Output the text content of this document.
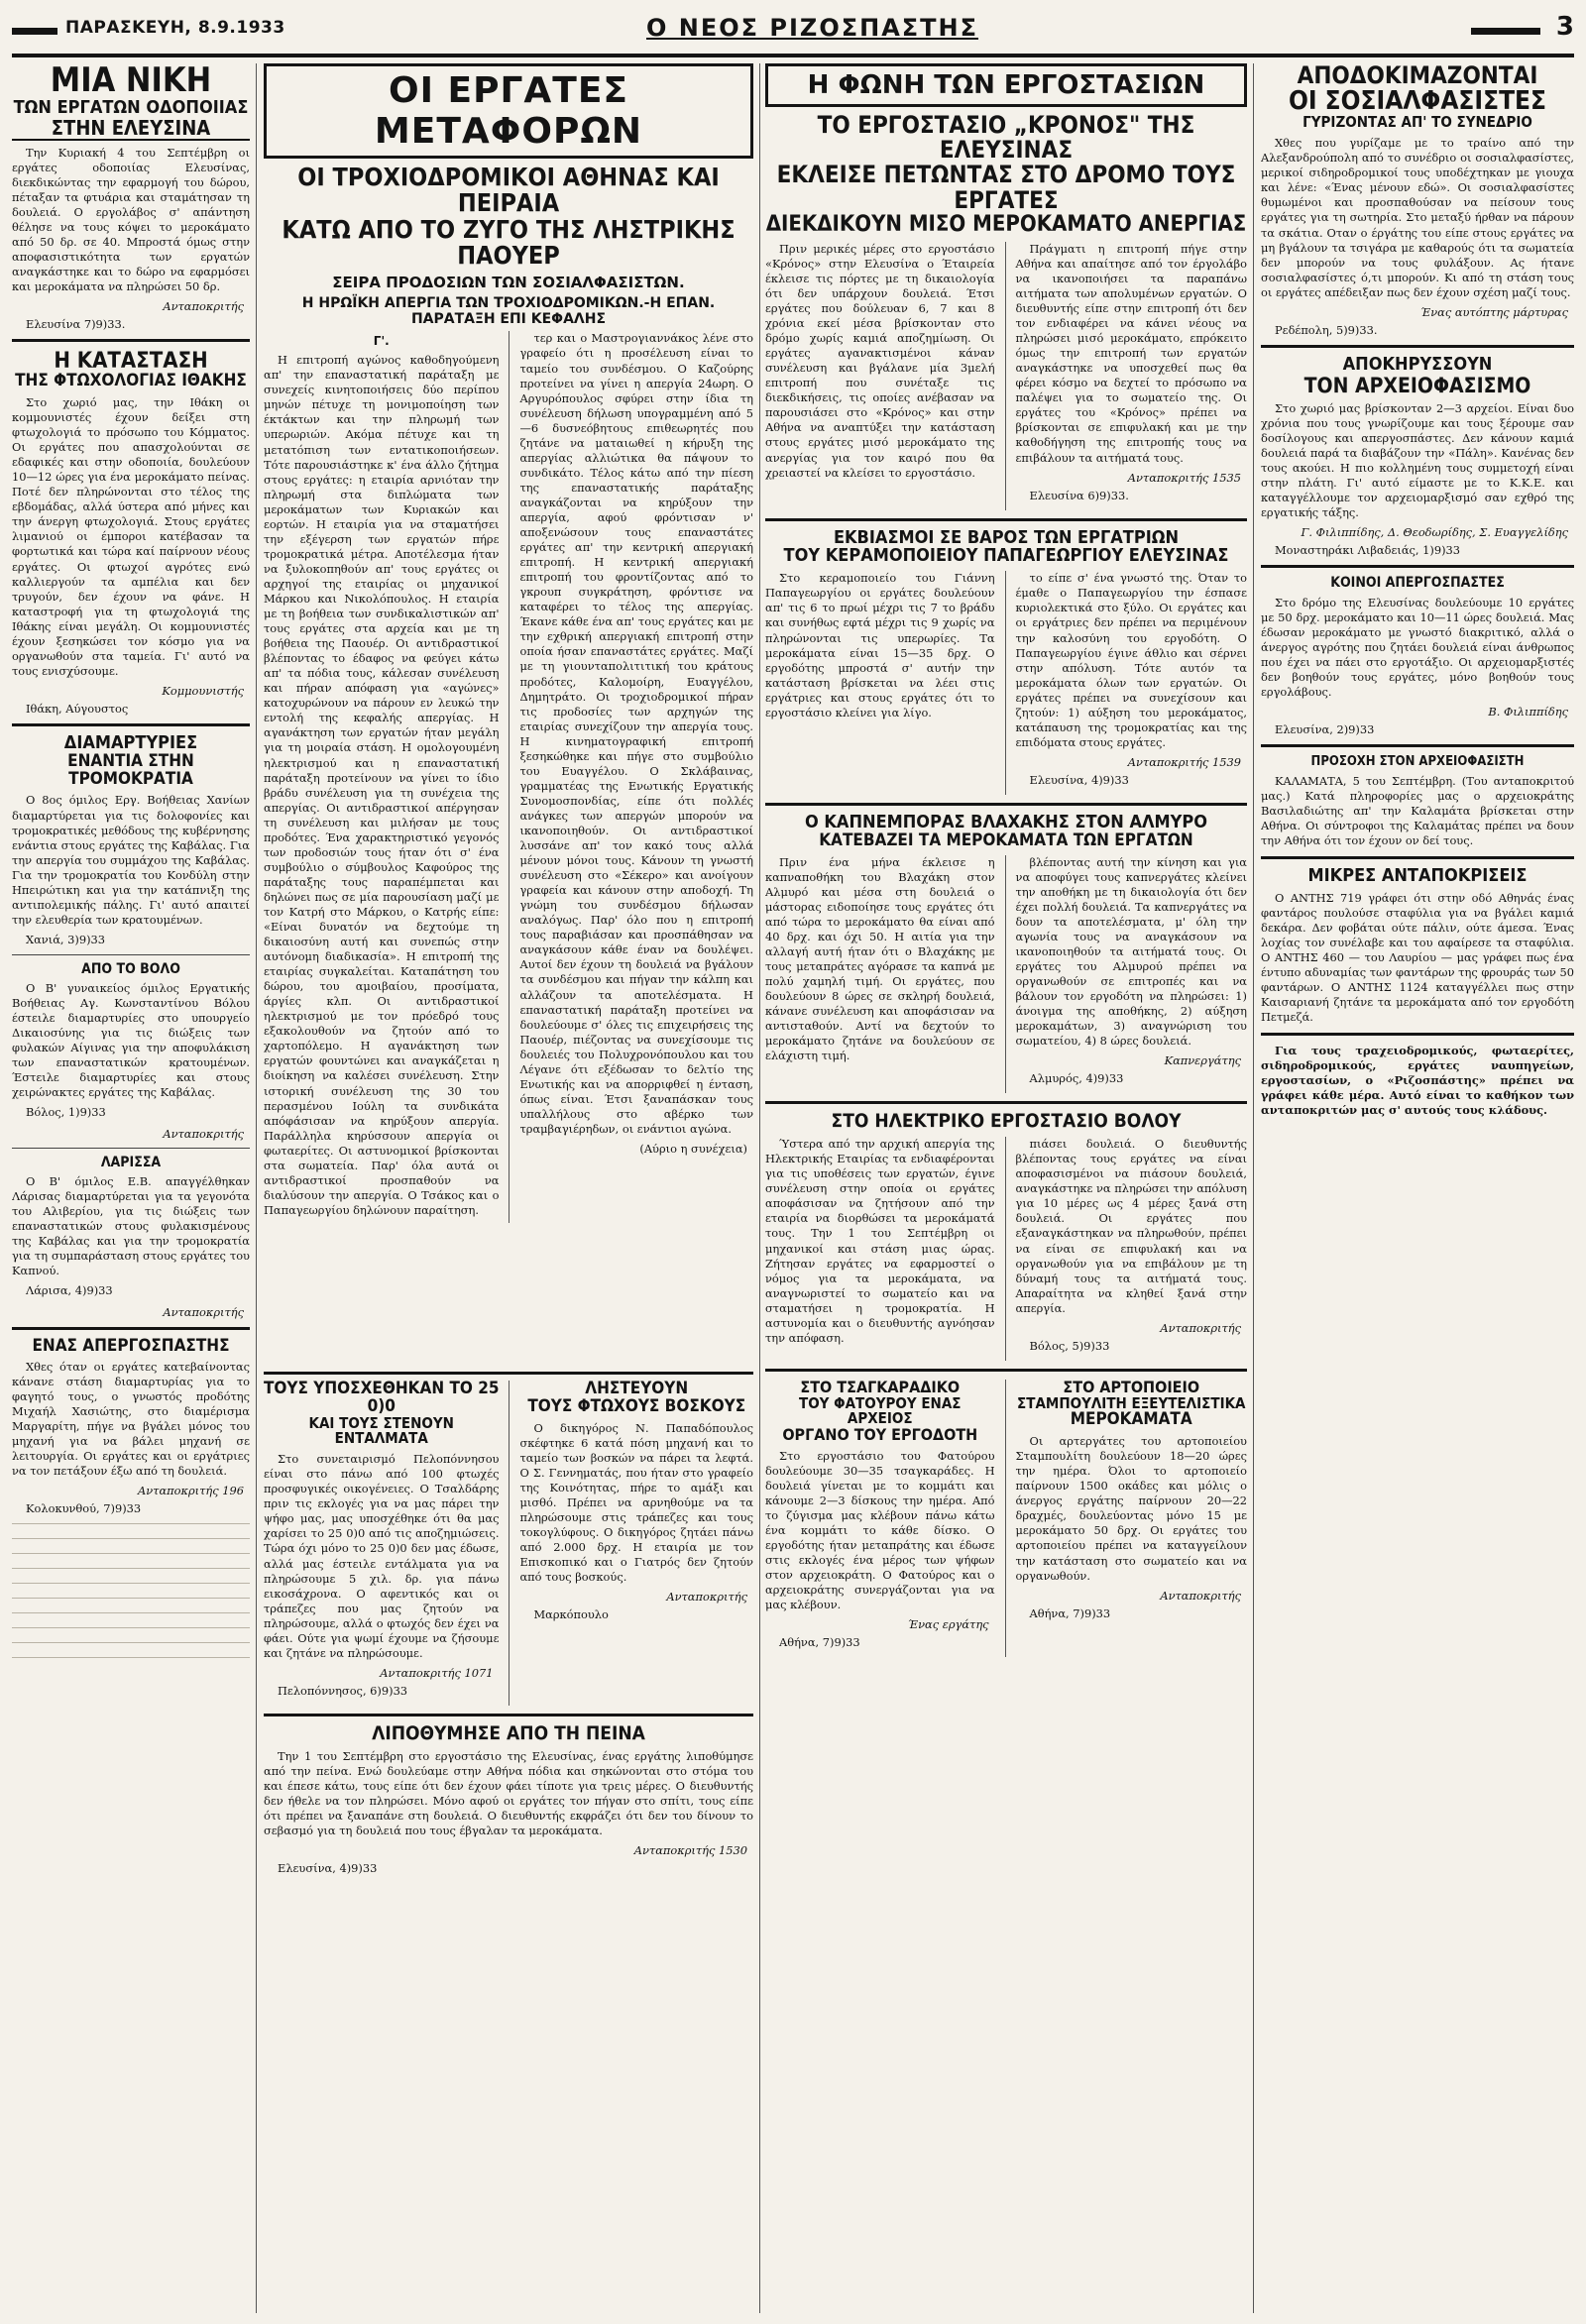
ΠΑΡΑΣΚΕΥΗ, 8.9.1933	Ο ΝΕΟΣ ΡΙΖΟΣΠΑΣΤΗΣ	3
ΜΙΑ ΝΙΚΗ
ΤΩΝ ΕΡΓΑΤΩΝ ΟΔΟΠΟΙΙΑΣ
ΣΤΗΝ ΕΛΕΥΣΙΝΑ

Την Κυριακή 4 του Σεπτέμβρη οι εργάτες οδοποιίας Ελευσίνας, διεκδικώντας την εφαρμογή του δώρου, πέταξαν τα φτυάρια και σταμάτησαν τη δουλειά. Ο εργολάβος σ' απάντηση θέλησε να τους κόψει το μεροκάματο από 50 δρ. σε 40. Μπροστά όμως στην αποφασιστικότητα των εργατών αναγκάστηκε και το δώρο να εφαρμόσει και μεροκάματα να πληρώσει 50 δρ.

Ανταποκριτής
Ελευσίνα 7)9)33.
Η ΚΑΤΑΣΤΑΣΗ
ΤΗΣ ΦΤΩΧΟΛΟΓΙΑΣ ΙΘΑΚΗΣ

Στο χωριό μας, την Ιθάκη οι κομμουνιστές έχουν δείξει στη φτωχολογιά το πρόσωπο του Κόμματος. Οι εργάτες που απασχολούνται σε εδαφικές και στην οδοποιία, δουλεύουν 10—12 ώρες για ένα μεροκάματο πείνας. Ποτέ δεν πληρώνονται στο τέλος της εβδομάδας, αλλά ύστερα από μήνες και την άνεργη φτωχολογιά. Στους εργάτες λιμανιού οι έμποροι κατέβασαν τα φορτωτικά και τώρα καί παίρνουν νέους εργάτες. Οι φτωχοί αγρότες ενώ καλλιεργούν τα αμπέλια και δεν τρυγούν, δεν έχουν να φάνε. Η καταστροφή για τη φτωχολογιά της Ιθάκης είναι μεγάλη. Οι κομμουνιστές έχουν ξεσηκώσει τον κόσμο για να οργανωθούν στα ταμεία. Γι' αυτό να τους ενισχύσουμε.

Κομμουνιστής
Ιθάκη, Αύγουστος
ΔΙΑΜΑΡΤΥΡΙΕΣ
ΕΝΑΝΤΙΑ ΣΤΗΝ ΤΡΟΜΟΚΡΑΤΙΑ

Ο 8ος όμιλος Εργ. Βοήθειας Χανίων διαμαρτύρεται για τις δολοφονίες και τρομοκρατικές μεθόδους της κυβέρνησης ενάντια στους εργάτες της Καβάλας. Για την απεργία του συμμάχου της Καβάλας. Για την τρομοκρατία του Κονδύλη στην Ηπειρώτικη και για την κατάπνιξη της αντιπολεμικής πάλης. Γι' αυτό απαιτεί την ελευθερία των κρατουμένων.

Χανιά, 3)9)33
ΑΠΟ ΤΟ ΒΟΛΟ

Ο Β' γυναικείος όμιλος Εργατικής Βοήθειας Αγ. Κωνσταντίνου Βόλου έστειλε διαμαρτυρίες στο υπουργείο Δικαιοσύνης για τις διώξεις των φυλακών Αίγινας για την αποφυλάκιση των επαναστατικών κρατουμένων. Έστειλε διαμαρτυρίες και στους χειρώνακτες εργάτες της Καβάλας.

Βόλος, 1)9)33
Ανταποκριτής
ΛΑΡΙΣΣΑ

Ο Β' όμιλος Ε.Β. απαγγέλθηκαν Λάρισας διαμαρτύρεται για τα γεγονότα του Αλιβερίου, για τις διώξεις των επαναστατικών στους φυλακισμένους της Καβάλας και για την τρομοκρατία για τη συμπαράσταση στους εργάτες του Καπνού.

Λάρισα, 4)9)33
Ανταποκριτής
ΕΝΑΣ ΑΠΕΡΓΟΣΠΑΣΤΗΣ

Χθες όταν οι εργάτες κατεβαίνοντας κάνανε στάση διαμαρτυρίας για το φαγητό τους, ο γνωστός προδότης Μιχαήλ Χασιώτης, στο διαμέρισμα Μαργαρίτη, πήγε να βγάλει μόνος του μηχανή για να βάλει μηχανή σε λειτουργία. Οι εργάτες και οι εργάτριες να τον πετάξουν έξω από τη δουλειά.

Ανταποκριτής 196
Κολοκυνθού, 7)9)33
ΟΙ ΕΡΓΑΤΕΣ ΜΕΤΑΦΟΡΩΝ
ΟΙ ΤΡΟΧΙΟΔΡΟΜΙΚΟΙ ΑΘΗΝΑΣ ΚΑΙ ΠΕΙΡΑΙΑ
ΚΑΤΩ ΑΠΟ ΤΟ ΖΥΓΟ ΤΗΣ ΛΗΣΤΡΙΚΗΣ ΠΑΟΥΕΡ
ΣΕΙΡΑ ΠΡΟΔΟΣΙΩΝ ΤΩΝ ΣΟΣΙΑΛΦΑΣΙΣΤΩΝ.
Η ΗΡΩΪΚΗ ΑΠΕΡΓΙΑ ΤΩΝ ΤΡΟΧΙΟΔΡΟΜΙΚΩΝ.-Η ΕΠΑΝ. ΠΑΡΑΤΑΞΗ ΕΠΙ ΚΕΦΑΛΗΣ
Γ'.

Η επιτροπή αγώνος καθοδηγούμενη απ' την επαναστατική παράταξη με συνεχείς κινητοποιήσεις δύο περίπου μηνών πέτυχε τη μονιμοποίηση των έκτάκτων και την πληρωμή των υπερωριών. Ακόμα πέτυχε και τη μετατόπιση των εντατικοποιήσεων. Τότε παρουσιάστηκε κ' ένα άλλο ζήτημα στους εργάτες: η εταιρία αρνιόταν την πληρωμή στα διπλώματα των μεροκάματων των Κυριακών και εορτών. Η εταιρία για να σταματήσει την εξέγερση των εργατών πήρε τρομοκρατικά μέτρα. Αποτέλεσμα ήταν να ξυλοκοπηθούν απ' τους εργάτες οι αρχηγοί της εταιρίας οι μηχανικοί Μάρκου και Νικολόπουλος. Η εταιρία με τη βοήθεια των συνδικαλιστικών απ' τους εργάτες στα αρχεία και με τη βοήθεια της Παουέρ. Οι αντιδραστικοί βλέποντας το έδαφος να φεύγει κάτω απ' τα πόδια τους, κάλεσαν συνέλευση και πήραν απόφαση για «αγώνες» κατοχυρώνουν να πάρουν εν λευκώ την εντολή της κεφαλής απεργίας. Η αγανάκτηση των εργατών ήταν μεγάλη για τη μοιραία στάση. Η ομολογουμένη ηλεκτρισμού και η επαναστατική παράταξη προτείνουν να γίνει το ίδιο βράδυ συνέλευση για τη συνέχεια της απεργίας. Οι αντιδραστικοί απέργησαν τη συνέλευση και μιλήσαν με τους προδότες. Ένα χαρακτηριστικό γεγονός των προδοσιών τους ήταν ότι σ' ένα συμβούλιο ο σύμβουλος Καφούρος της παράταξης τους παραπέμπεται και δηλώνει πως σε μία παρουσίαση μαζί με τον Κατρή στο Μάρκου, ο Κατρής είπε: «Είναι δυνατόν να δεχτούμε τη δικαιοσύνη αυτή και συνεπώς στην αυτόνομη διαδικασία». Η επιτροπή της εταιρίας συγκαλείται. Καταπάτηση του δώρου, του αμοιβαίου, προσίματα, άργίες κλπ. Οι αντιδραστικοί ηλεκτρισμού με τον πρόεδρό τους εξακολουθούν να ζητούν από το χαρτοπόλεμο. Η αγανάκτηση των εργατών φουντώνει και αναγκάζεται η διοίκηση να καλέσει συνέλευση. Στην ιστορική συνέλευση της 30 του περασμένου Ιούλη τα συνδικάτα απόφάσισαν να κηρύξουν απεργία. Παράλληλα κηρύσσουν απεργία οι φωταερίτες. Οι αστυνομικοί βρίσκονται στα σωματεία. Παρ' όλα αυτά οι αντιδραστικοί προσπαθούν να διαλύσουν την απεργία. Ο Τσάκος και ο Παπαγεωργίου δηλώνουν παραίτηση.

τερ και ο Μαστρογιαννάκος λένε στο γραφείο ότι η προσέλευση είναι το ταμείο του συνδέσμου. Ο Καζούρης προτείνει να γίνει η απεργία 24ωρη. Ο Αργυρόπουλος σφύρει στην ίδια τη συνέλευση δήλωση υπογραμμένη από 5—6 δυσνεόβητους επιθεωρητές που ζητάνε να ματαιωθεί η κήρυξη της απεργίας αλλιώτικα θα πάψουν το συνδικάτο. Τέλος κάτω από την πίεση της επαναστατικής παράταξης αναγκάζονται να κηρύξουν την απεργία, αφού φρόντισαν ν' αποξενώσουν τους επαναστάτες εργάτες απ' την κεντρική απεργιακή επιτροπή. Η κεντρική απεργιακή επιτροπή του φροντίζοντας από το γκρουπ συγκράτηση, φρόντισε να καταφέρει το τέλος της απεργίας. Έκανε κάθε ένα απ' τους εργάτες και με την εχθρική απεργιακή επιτροπή στην οποία ήσαν επαναστάτες εργάτες. Μαζί με τη γιουνταπολιτιτική του κράτους προδότες, Καλομοίρη, Ευαγγέλου, Δημητράτο. Οι τροχιοδρομικοί πήραν τις προδοσίες των αρχηγών της εταιρίας συνεχίζουν την απεργία τους. Η κινηματογραφική επιτροπή ξεσηκώθηκε και πήγε στο συμβούλιο του Ευαγγέλου. Ο Σκλάβαινας, γραμματέας της Ενωτικής Εργατικής Συνομοσπονδίας, είπε ότι πολλές ανάγκες των απεργών μπορούν να ικανοποιηθούν. Οι αντιδραστικοί λυσσάνε απ' τον κακό τους αλλά μένουν μόνοι τους. Κάνουν τη γνωστή συνέλευση στο «Σέκερο» και ανοίγουν γραφεία και κάνουν στην αποδοχή. Τη γνώμη του συνδέσμου δήλωσαν αναλόγως. Παρ' όλο που η επιτροπή τους παραβιάσαν και προσπάθησαν να αναγκάσουν κάθε έναν να δουλέψει. Αυτοί δεν έχουν τη δουλειά να βγάλουν τα συνδέσμου και πήγαν την κάλπη και αλλάζουν τα αποτελέσματα. Η επαναστατική παράταξη προτείνει να δουλεύουμε σ' όλες τις επιχειρήσεις της Παουέρ, πιέζοντας να συνεχίσουμε τις δουλειές του Πολυχρονόπουλου και του Λέγανε ότι εξέδωσαν το δελτίο της Ενωτικής και να απορριφθεί η ένταση, όπως είναι. Έτσι ξαναπάσκαν τους υπαλλήλους στο αβέρκο των τραμβαγιέρηδων, οι ενάντιοι αγώνα.

(Αύριο η συνέχεια)
ΤΟΥΣ ΥΠΟΣΧΕΘΗΚΑΝ ΤΟ 25 0)0
ΚΑΙ ΤΟΥΣ ΣΤΕΝΟΥΝ ΕΝΤΑΛΜΑΤΑ

Στο συνεταιρισμό Πελοπόννησου είναι στο πάνω από 100 φτωχές προσφυγικές οικογένειες. Ο Τσαλδάρης πριν τις εκλογές για να μας πάρει την ψήφο μας, μας υποσχέθηκε ότι θα μας χαρίσει το 25 0)0 από τις αποζημιώσεις. Τώρα όχι μόνο το 25 0)0 δεν μας έδωσε, αλλά μας έστειλε εντάλματα για να πληρώσουμε 5 χιλ. δρ. για πάνω εικοσάχρονα. Ο αφεντικός και οι τράπεζες που μας ζητούν να πληρώσουμε, αλλά ο φτωχός δεν έχει να φάει. Ούτε για ψωμί έχουμε να ζήσουμε και ζητάνε να πληρώσουμε.

Ανταποκριτής 1071
Πελοπόννησος, 6)9)33
ΛΗΣΤΕΥΟΥΝ
ΤΟΥΣ ΦΤΩΧΟΥΣ ΒΟΣΚΟΥΣ

Ο δικηγόρος Ν. Παπαδόπουλος σκέφτηκε 6 κατά πόση μηχανή και το ταμείο των βοσκών να πάρει τα λεφτά. Ο Σ. Γεννηματάς, που ήταν στο γραφείο της Κοινότητας, πήρε το αμάξι και μισθό. Πρέπει να αρνηθούμε να τα πληρώσουμε στις τράπεζες και τους τοκογλύφους. Ο δικηγόρος ζητάει πάνω από 2.000 δρχ. Η εταιρία με τον Επισκοπικό και ο Γιατρός δεν ζητούν από τους βοσκούς.

Ανταποκριτής
Μαρκόπουλο
ΛΙΠΟΘΥΜΗΣΕ ΑΠΟ ΤΗ ΠΕΙΝΑ

Την 1 του Σεπτέμβρη στο εργοστάσιο της Ελευσίνας, ένας εργάτης λιποθύμησε από την πείνα. Ενώ δουλεύαμε στην Αθήνα πόδια και σηκώνονται στο στόμα του και έπεσε κάτω, τους είπε ότι δεν έχουν φάει τίποτε για τρεις μέρες. Ο διευθυντής δεν ήθελε να τον πληρώσει. Μόνο αφού οι εργάτες τον πήγαν στο σπίτι, τους είπε ότι πρέπει να ξαναπάνε στη δουλειά. Ο διευθυντής εκφράζει ότι δεν του δίνουν το σεβασμό για τη δουλειά που τους έβγαλαν τα μεροκάματα.

Ανταποκριτής 1530
Ελευσίνα, 4)9)33
Η ΦΩΝΗ ΤΩΝ ΕΡΓΟΣΤΑΣΙΩΝ
ΤΟ ΕΡΓΟΣΤΑΣΙΟ „ΚΡΟΝΟΣ" ΤΗΣ ΕΛΕΥΣΙΝΑΣ
ΕΚΛΕΙΣΕ ΠΕΤΩΝΤΑΣ ΣΤΟ ΔΡΟΜΟ ΤΟΥΣ ΕΡΓΑΤΕΣ
ΔΙΕΚΔΙΚΟΥΝ ΜΙΣΟ ΜΕΡΟΚΑΜΑΤΟ ΑΝΕΡΓΙΑΣ

Πριν μερικές μέρες στο εργοστάσιο «Κρόνος» στην Ελευσίνα ο Έταιρεία έκλεισε τις πόρτες με τη δικαιολογία ότι δεν υπάρχουν δουλειά. Έτσι εργάτες που δούλευαν 6, 7 και 8 χρόνια εκεί μέσα βρίσκονταν στο δρόμο χωρίς καμιά αποζημίωση. Οι εργάτες αγανακτισμένοι κάναν συνέλευση και βγάλανε μία 3μελή επιτροπή που συνέταξε τις διεκδικήσεις, τις οποίες ανέβασαν να παρουσιάσει στο «Κρόνος» και στην Αθήνα να αναπτύξει την κατάσταση στους εργάτες μισό μεροκάματο της ανεργίας για τον καιρό που θα χρειαστεί να κλείσει το εργοστάσιο.

Πράγματι η επιτροπή πήγε στην Αθήνα και απαίτησε από τον έργολάβο να ικανοποιήσει τα παραπάνω αιτήματα των απολυμένων εργατών. Ο διευθυντής είπε στην επιτροπή ότι δεν τον ενδιαφέρει να κάνει νέους να πληρώσει μισό μεροκάματο, επρόκειτο όμως την επιτροπή των εργατών αναγκάστηκε να υποσχεθεί πως θα φέρει κόσμο να δεχτεί το πρόσωπο να παλέψει για το σωματείο της. Οι εργάτες του «Κρόνος» πρέπει να βρίσκονται σε επιφυλακή και με την καθοδήγηση της επιτροπής τους να επιβάλουν τα αιτήματά τους.

Ανταποκριτής 1535
Ελευσίνα 6)9)33.
ΕΚΒΙΑΣΜΟΙ ΣΕ ΒΑΡΟΣ ΤΩΝ ΕΡΓΑΤΡΙΩΝ
ΤΟΥ ΚΕΡΑΜΟΠΟΙΕΙΟΥ ΠΑΠΑΓΕΩΡΓΙΟΥ ΕΛΕΥΣΙΝΑΣ

Στο κεραμοποιείο του Γιάννη Παπαγεωργίου οι εργάτες δουλεύουν απ' τις 6 το πρωί μέχρι τις 7 το βράδυ και συνήθως εφτά μέχρι τις 9 χωρίς να πληρώνονται τις υπερωρίες. Τα μεροκάματα είναι 15—35 δρχ. Ο εργοδότης μπροστά σ' αυτήν την κατάσταση βρίσκεται να λέει στις εργάτριες και στους εργάτες ότι το εργοστάσιο κλείνει για λίγο.

το είπε σ' ένα γνωστό της. Όταν το έμαθε ο Παπαγεωργίου την έσπασε κυριολεκτικά στο ξύλο. Οι εργάτες και οι εργάτριες δεν πρέπει να περιμένουν την καλοσύνη του εργοδότη. Ο Παπαγεωργίου έγινε άθλιο και σέρνει στην απόλυση. Τότε αυτόν τα μεροκάματα όλων των εργατών. Οι εργάτες πρέπει να συνεχίσουν και ζητούν: 1) αύξηση του μεροκάματος, κατάπαυση της τρομοκρατίας και της επιδόματα στους εργάτες.

Ανταποκριτής 1539
Ελευσίνα, 4)9)33
Ο ΚΑΠΝΕΜΠΟΡΑΣ ΒΛΑΧΑΚΗΣ ΣΤΟΝ ΑΛΜΥΡΟ
ΚΑΤΕΒΑΖΕΙ ΤΑ ΜΕΡΟΚΑΜΑΤΑ ΤΩΝ ΕΡΓΑΤΩΝ

Πριν ένα μήνα έκλεισε η καπναποθήκη του Βλαχάκη στον Αλμυρό και μέσα στη δουλειά ο μάστορας ειδοποίησε τους εργάτες ότι από τώρα το μεροκάματο θα είναι από 40 δρχ. και όχι 50. Η αιτία για την αλλαγή αυτή ήταν ότι ο Βλαχάκης με τους μεταπράτες αγόρασε τα καπνά με πολύ χαμηλή τιμή. Οι εργάτες, που δουλεύουν 8 ώρες σε σκληρή δουλειά, κάνανε συνέλευση και αποφάσισαν να αντισταθούν. Αντί να δεχτούν το μεροκάματο ζητάνε να δουλεύουν σε ελάχιστη τιμή.

βλέποντας αυτή την κίνηση και για να αποφύγει τους καπνεργάτες κλείνει την αποθήκη με τη δικαιολογία ότι δεν έχει πολλή δουλειά. Τα καπνεργάτες να δουν τα αποτελέσματα, μ' όλη την αγωνία τους να αναγκάσουν να ικανοποιηθούν τα αιτήματά τους. Οι εργάτες του Αλμυρού πρέπει να οργανωθούν σε επιτροπές και να βάλουν τον εργοδότη να πληρώσει: 1) άνοιγμα της αποθήκης, 2) αύξηση μεροκαμάτων, 3) αναγνώριση του σωματείου, 4) 8 ώρες δουλειά.

Καπνεργάτης
Αλμυρός, 4)9)33
ΣΤΟ ΗΛΕΚΤΡΙΚΟ ΕΡΓΟΣΤΑΣΙΟ ΒΟΛΟΥ

Ύστερα από την αρχική απεργία της Ηλεκτρικής Εταιρίας τα ενδιαφέρονται για τις υποθέσεις των εργατών, έγινε συνέλευση στην οποία οι εργάτες αποφάσισαν να ζητήσουν από την εταιρία να διορθώσει τα μεροκάματά τους. Την 1 του Σεπτέμβρη οι μηχανικοί και στάση μιας ώρας. Ζήτησαν εργάτες να εφαρμοστεί ο νόμος για τα μεροκάματα, να αναγνωριστεί το σωματείο και να σταματήσει η τρομοκρατία. Η αστυνομία και ο διευθυντής αγνόησαν την απόφαση.

πιάσει δουλειά. Ο διευθυντής βλέποντας τους εργάτες να είναι αποφασισμένοι να πιάσουν δουλειά, αναγκάστηκε να πληρώσει την απόλυση για 10 μέρες ως 4 μέρες ξανά στη δουλειά. Οι εργάτες που εξαναγκάστηκαν να πληρωθούν, πρέπει να είναι σε επιφυλακή και να οργανωθούν για να επιβάλουν με τη δύναμή τους τα αιτήματά τους. Απαραίτητα να κληθεί ξανά στην απεργία.

Ανταποκριτής
Βόλος, 5)9)33
ΣΤΟ ΤΣΑΓΚΑΡΑΔΙΚΟ
ΤΟΥ ΦΑΤΟΥΡΟΥ ΕΝΑΣ ΑΡΧΕΙΟΣ
ΟΡΓΑΝΟ ΤΟΥ ΕΡΓΟΔΟΤΗ

Στο εργοστάσιο του Φατούρου δουλεύουμε 30—35 τσαγκαράδες. Η δουλειά γίνεται με το κομμάτι και κάνουμε 2—3 δίσκους την ημέρα. Από το ζύγισμα μας κλέβουν πάνω κάτω ένα κομμάτι το κάθε δίσκο. Ο εργοδότης ήταν μεταπράτης και έδωσε στις εκλογές ένα μέρος των ψήφων στον αρχειοκράτη. Ο Φατούρος και ο αρχειοκράτης συνεργάζονται για να μας κλέβουν.

Ένας εργάτης
Αθήνα, 7)9)33
ΣΤΟ ΑΡΤΟΠΟΙΕΙΟ
ΣΤΑΜΠΟΥΛΙΤΗ ΕΞΕΥΤΕΛΙΣΤΙΚΑ
ΜΕΡΟΚΑΜΑΤΑ

Οι αρτεργάτες του αρτοποιείου Σταμπουλίτη δουλεύουν 18—20 ώρες την ημέρα. Όλοι το αρτοποιείο παίρνουν 1500 οκάδες και μόλις ο άνεργος εργάτης παίρνουν 20—22 δραχμές, δουλεύοντας μόνο 15 με μεροκάματο 50 δρχ. Οι εργάτες του αρτοποιείου πρέπει να καταγγείλουν την κατάσταση στο σωματείο και να οργανωθούν.

Ανταποκριτής
Αθήνα, 7)9)33
ΑΠΟΔΟΚΙΜΑΖΟΝΤΑΙ
ΟΙ ΣΟΣΙΑΛΦΑΣΙΣΤΕΣ
ΓΥΡΙΖΟΝΤΑΣ ΑΠ' ΤΟ ΣΥΝΕΔΡΙΟ

Χθες που γυρίζαμε με το τραίνο από την Αλεξανδρούπολη από το συνέδριο οι σοσιαλφασίστες, μερικοί σιδηροδρομικοί τους υποδέχτηκαν με γιουχα και λένε: «Ένας μένουν εδώ». Οι σοσιαλφασίστες θυμωμένοι και προσπαθούσαν να πείσουν τους εργάτες για τη σωτηρία. Στο μεταξύ ήρθαν να πάρουν τα σκάτια. Οταν ο έργάτης του είπε στους εργάτες να μη βγάλουν τα τσιγάρα με καθαρούς ότι τα σωματεία δεν μπορούν να τους φυλάξουν. Ας ήτανε σοσιαλφασίστες ό,τι μπορούν. Κι από τη στάση τους οι εργάτες απέδειξαν πως δεν έχουν σχέση μαζί τους.

Ένας αυτόπτης μάρτυρας
Ρεδέπολη, 5)9)33.
ΑΠΟΚΗΡΥΣΣΟΥΝ
ΤΟΝ ΑΡΧΕΙΟΦΑΣΙΣΜΟ

Στο χωριό μας βρίσκονταν 2—3 αρχείοι. Είναι δυο χρόνια που τους γνωρίζουμε και τους ξέρουμε σαν δοσίλογους και απεργοσπάστες. Δεν κάνουν καμιά δουλειά παρά τα διαβάζουν την «Πάλη». Κανένας δεν τους ακούει. Η πιο κολλημένη τους συμμετοχή είναι στην πλάτη. Γι' αυτό είμαστε με το Κ.Κ.Ε. και καταγγέλλουμε τον αρχειομαρξισμό σαν εχθρό της εργατικής τάξης.

Γ. Φιλιππίδης, Δ. Θεοδωρίδης, Σ. Ευαγγελίδης
Μοναστηράκι Λιβαδειάς, 1)9)33
ΚΟΙΝΟΙ ΑΠΕΡΓΟΣΠΑΣΤΕΣ

Στο δρόμο της Ελευσίνας δουλεύουμε 10 εργάτες με 50 δρχ. μεροκάματο και 10—11 ώρες δουλειά. Μας έδωσαν μεροκάματο με γνωστό διακριτικό, αλλά ο άνεργος αγρότης που ζητάει δουλειά είναι άνθρωπος που έχει να πάει στο εργοτάξιο. Οι αρχειομαρξιστές δεν βοηθούν τους εργάτες, μόνο βοηθούν τους εργολάβους.

Β. Φιλιππίδης
Ελευσίνα, 2)9)33
ΠΡΟΣΟΧΗ ΣΤΟΝ ΑΡΧΕΙΟΦΑΣΙΣΤΗ

ΚΑΛΑΜΑΤΑ, 5 του Σεπτέμβρη. (Του ανταποκριτού μας.) Κατά πληροφορίες μας ο αρχειοκράτης Βασιλαδιώτης απ' την Καλαμάτα βρίσκεται στην Αθήνα. Οι σύντροφοι της Καλαμάτας πρέπει να δουν την Αθήνα ότι τον έχουν ον δεί τους.

ΜΙΚΡΕΣ ΑΝΤΑΠΟΚΡΙΣΕΙΣ

Ο ΑΝΤΗΣ 719 γράφει ότι στην οδό Αθηνάς ένας φαντάρος πουλούσε σταφύλια για να βγάλει καμιά δεκάρα. Δεν φοβάται ούτε πάλιν, ούτε άμεσα. Ένας λοχίας τον συνέλαβε και του αφαίρεσε τα σταφύλια. Ο ΑΝΤΗΣ 460 — του Λαυρίου — μας γράφει πως ένα έντυπο αδυναμίας των φαντάρων της φρουράς των 50 φαντάρων. Ο ΑΝΤΗΣ 1124 καταγγέλλει πως στην Καισαριανή ζητάνε τα μεροκάματα από τον εργοδότη Πετμεζά.

Για τους τραχειοδρομικούς, φωταερίτες, σιδηροδρομικούς, εργάτες ναυπηγείων, εργοστασίων, ο «Ριζοσπάστης» πρέπει να γράφει κάθε μέρα. Αυτό είναι το καθήκον των ανταποκριτών μας σ' αυτούς τους κλάδους.
